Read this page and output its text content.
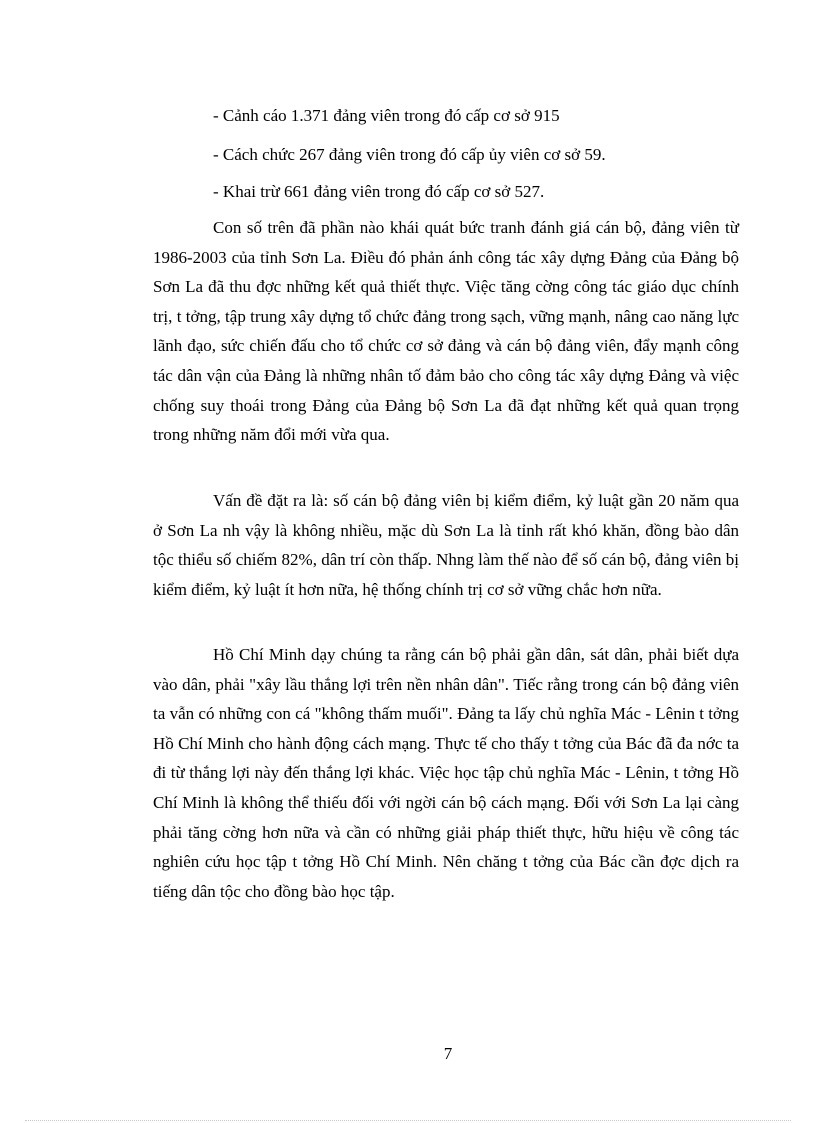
- Cảnh cáo 1.371 đảng viên trong đó cấp cơ sở 915
- Cách chức 267 đảng viên trong đó cấp ủy viên cơ sở 59.
- Khai trừ 661 đảng viên trong đó cấp cơ sở 527.

Con số trên đã phần nào khái quát bức tranh đánh giá cán bộ, đảng viên từ 1986-2003 của tỉnh Sơn La. Điều đó phản ánh công tác xây dựng Đảng của Đảng bộ Sơn La đã thu đợc những kết quả thiết thực. Việc tăng cờng công tác giáo dục chính trị, t tởng, tập trung xây dựng tổ chức đảng trong sạch, vững mạnh, nâng cao năng lực lãnh đạo, sức chiến đấu cho tổ chức cơ sở đảng và cán bộ đảng viên, đẩy mạnh công tác dân vận của Đảng là những nhân tố đảm bảo cho công tác xây dựng Đảng và việc chống suy thoái trong Đảng của Đảng bộ Sơn La đã đạt những kết quả quan trọng trong những năm đổi mới vừa qua.

Vấn đề đặt ra là: số cán bộ đảng viên bị kiểm điểm, kỷ luật gần 20 năm qua ở Sơn La nh vậy là không nhiều, mặc dù Sơn La là tỉnh rất khó khăn, đồng bào dân tộc thiểu số chiếm 82%, dân trí còn thấp. Nhng làm thế nào để số cán bộ, đảng viên bị kiểm điểm, kỷ luật ít hơn nữa, hệ thống chính trị cơ sở vững chắc hơn nữa.

Hồ Chí Minh dạy chúng ta rằng cán bộ phải gần dân, sát dân, phải biết dựa vào dân, phải "xây lầu thắng lợi trên nền nhân dân". Tiếc rằng trong cán bộ đảng viên ta vẫn có những con cá "không thấm muối". Đảng ta lấy chủ nghĩa Mác - Lênin t tởng Hồ Chí Minh cho hành động cách mạng. Thực tế cho thấy t tởng của Bác đã đa nớc ta đi từ thắng lợi này đến thắng lợi khác. Việc học tập chủ nghĩa Mác - Lênin, t tởng Hồ Chí Minh là không thể thiếu đối với ngời cán bộ cách mạng. Đối với Sơn La lại càng phải tăng cờng hơn nữa và cần có những giải pháp thiết thực, hữu hiệu về công tác nghiên cứu học tập t tởng Hồ Chí Minh. Nên chăng t tởng của Bác cần đợc dịch ra tiếng dân tộc cho đồng bào học tập.

7
